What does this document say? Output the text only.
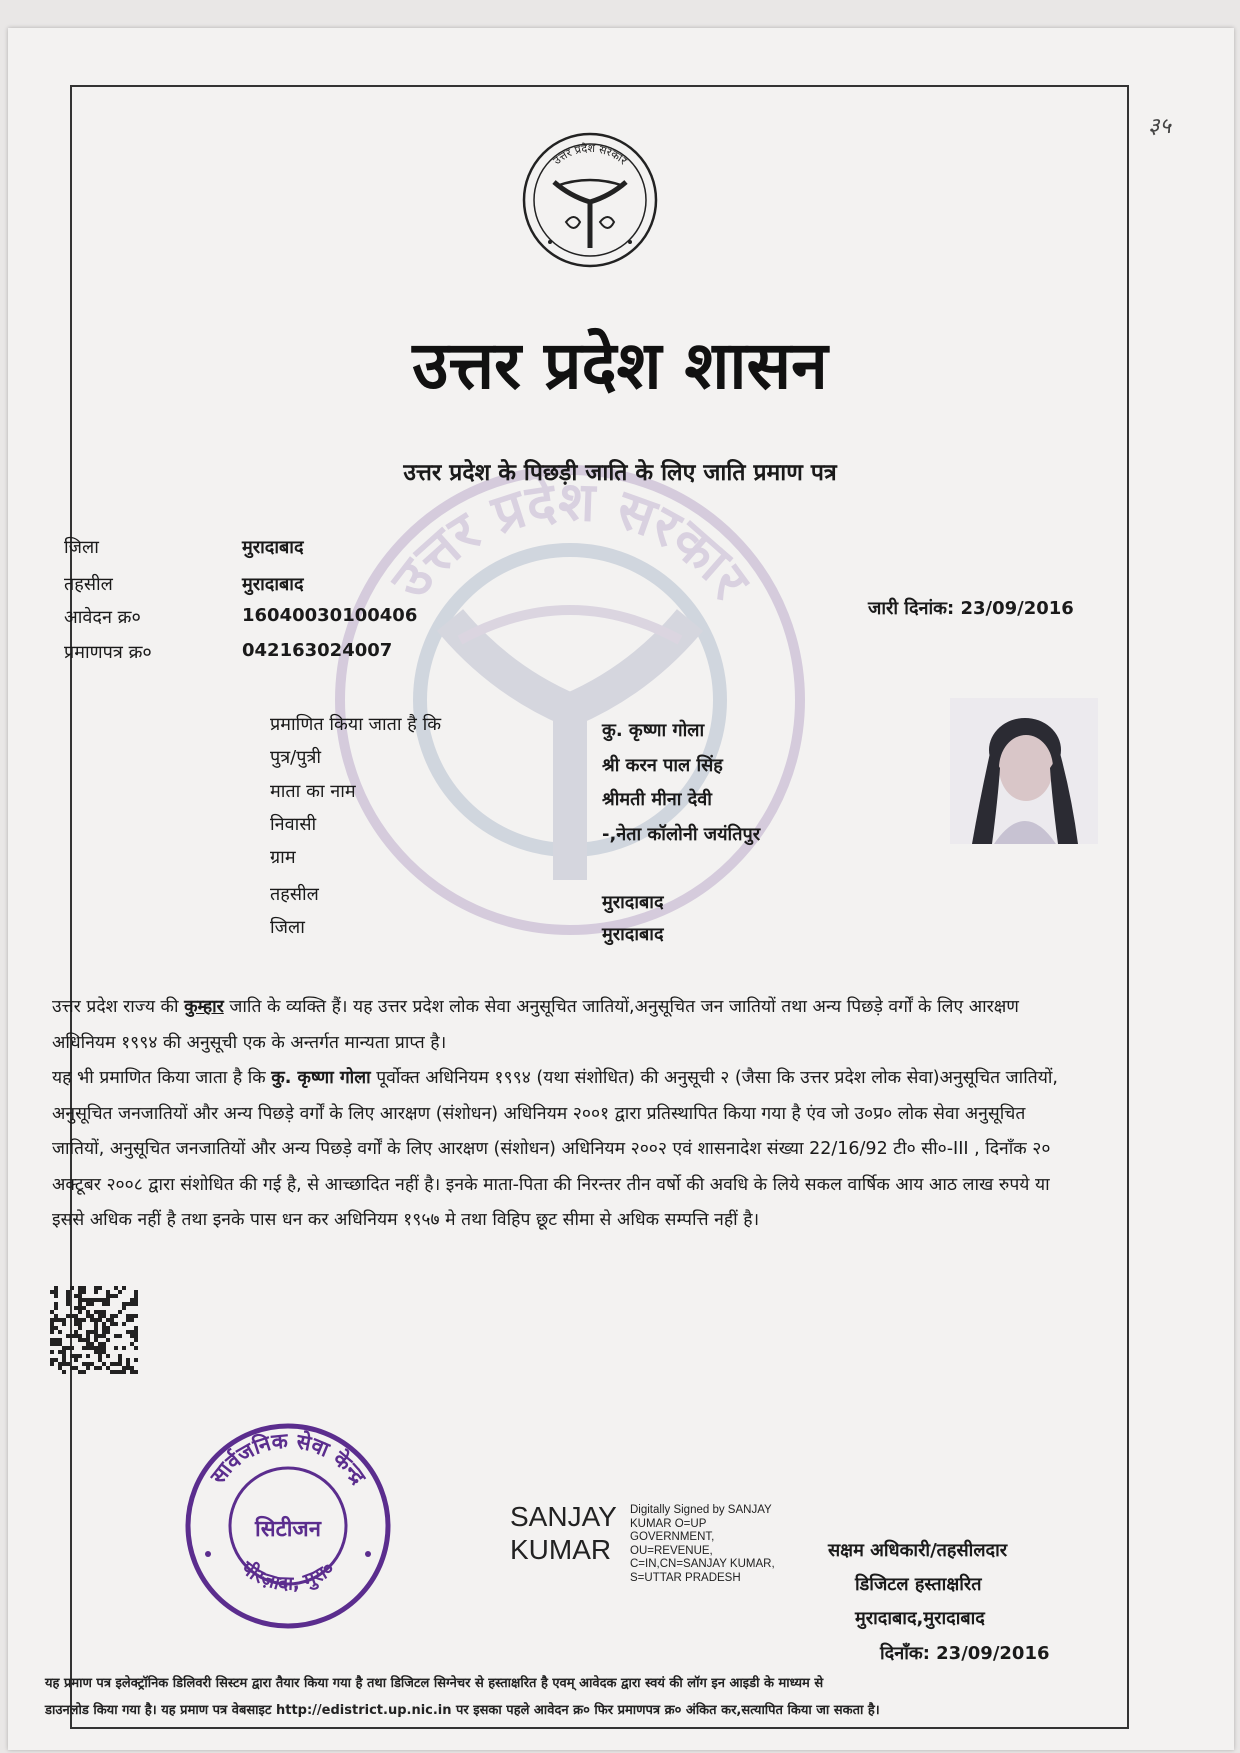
३५
उत्तर प्रदेश सरकार
उत्तर प्रदेश सरकार
उत्तर प्रदेश शासन
उत्तर प्रदेश के पिछड़ी जाति के लिए जाति प्रमाण पत्र
जिला	मुरादाबाद
तहसील	मुरादाबाद
आवेदन क्र०	16040030100406
प्रमाणपत्र क्र०	042163024007
जारी दिनांक: 23/09/2016
प्रमाणित किया जाता है कि	कु. कृष्णा गोला
पुत्र/पुत्री	श्री करन पाल सिंह
माता का नाम	श्रीमती मीना देवी
निवासी	-,नेता कॉलोनी जयंतिपुर
ग्राम
तहसील	मुरादाबाद
जिला	मुरादाबाद

उत्तर प्रदेश राज्य की कुम्हार जाति के व्यक्ति हैं। यह उत्तर प्रदेश लोक सेवा अनुसूचित जातियों,अनुसूचित जन जातियों तथा अन्य पिछड़े वर्गों के लिए आरक्षण अधिनियम १९९४ की अनुसूची एक के अन्तर्गत मान्यता प्राप्त है।

यह भी प्रमाणित किया जाता है कि कु. कृष्णा गोला पूर्वोक्त अधिनियम १९९४ (यथा संशोधित) की अनुसूची २ (जैसा कि उत्तर प्रदेश लोक सेवा)अनुसूचित जातियों, अनुसूचित जनजातियों और अन्य पिछड़े वर्गों के लिए आरक्षण (संशोधन) अधिनियम २००१ द्वारा प्रतिस्थापित किया गया है एंव जो उ०प्र० लोक सेवा अनुसूचित जातियों, अनुसूचित जनजातियों और अन्य पिछड़े वर्गों के लिए आरक्षण (संशोधन) अधिनियम २००२ एवं शासनादेश संख्या 22/16/92 टी० सी०-III , दिनाँक २० अक्टूबर २००८ द्वारा संशोधित की गई है, से आच्छादित नहीं है। इनके माता-पिता की निरन्तर तीन वर्षो की अवधि के लिये सकल वार्षिक आय आठ लाख रुपये या इससे अधिक नहीं है तथा इनके पास धन कर अधिनियम १९५७ मे तथा विहिप छूट सीमा से अधिक सम्पत्ति नहीं है।

सार्वजनिक सेवा केन्द्र
पीरज़ादा, मुरा०
सिटीजन	SANJAY
KUMAR
Digitally Signed by SANJAY KUMAR O=UP GOVERNMENT, OU=REVENUE, C=IN,CN=SANJAY KUMAR, S=UTTAR PRADESH
सक्षम अधिकारी/तहसीलदार
डिजिटल हस्ताक्षरित
मुरादाबाद,मुरादाबाद
दिनाँक: 23/09/2016

यह प्रमाण पत्र इलेक्ट्रॉनिक डिलिवरी सिस्टम द्वारा तैयार किया गया है तथा डिजिटल सिग्नेचर से हस्ताक्षरित है एवम् आवेदक द्वारा स्वयं की लॉग इन आइडी के माध्यम से

डाउनलोड किया गया है। यह प्रमाण पत्र वेबसाइट http://edistrict.up.nic.in पर इसका पहले आवेदन क्र० फिर प्रमाणपत्र क्र० अंकित कर,सत्यापित किया जा सकता है।
